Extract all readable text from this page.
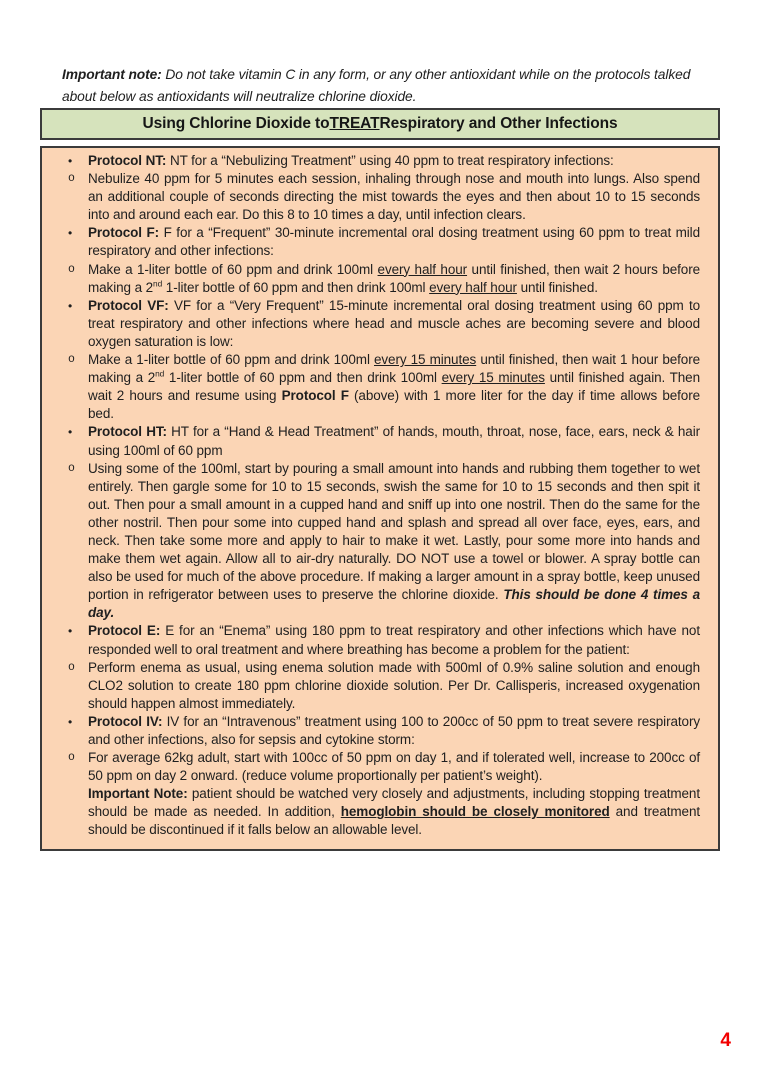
Important note: Do not take vitamin C in any form, or any other antioxidant while on the protocols talked about below as antioxidants will neutralize chlorine dioxide.

Using Chlorine Dioxide to TREAT Respiratory and Other Infections
• Protocol NT: NT for a “Nebulizing Treatment” using 40 ppm to treat respiratory infections:
o Nebulize 40 ppm for 5 minutes each session, inhaling through nose and mouth into lungs. Also spend an additional couple of seconds directing the mist towards the eyes and then about 10 to 15 seconds into and around each ear. Do this 8 to 10 times a day, until infection clears.
• Protocol F: F for a “Frequent” 30-minute incremental oral dosing treatment using 60 ppm to treat mild respiratory and other infections:
o Make a 1-liter bottle of 60 ppm and drink 100ml every half hour until finished, then wait 2 hours before making a 2nd 1-liter bottle of 60 ppm and then drink 100ml every half hour until finished.
• Protocol VF: VF for a “Very Frequent” 15-minute incremental oral dosing treatment using 60 ppm to treat respiratory and other infections where head and muscle aches are becoming severe and blood oxygen saturation is low:
o Make a 1-liter bottle of 60 ppm and drink 100ml every 15 minutes until finished, then wait 1 hour before making a 2nd 1-liter bottle of 60 ppm and then drink 100ml every 15 minutes until finished again. Then wait 2 hours and resume using Protocol F (above) with 1 more liter for the day if time allows before bed.
• Protocol HT: HT for a “Hand & Head Treatment” of hands, mouth, throat, nose, face, ears, neck & hair using 100ml of 60 ppm
o Using some of the 100ml, start by pouring a small amount into hands and rubbing them together to wet entirely. Then gargle some for 10 to 15 seconds, swish the same for 10 to 15 seconds and then spit it out. Then pour a small amount in a cupped hand and sniff up into one nostril. Then do the same for the other nostril. Then pour some into cupped hand and splash and spread all over face, eyes, ears, and neck. Then take some more and apply to hair to make it wet. Lastly, pour some more into hands and make them wet again. Allow all to air-dry naturally. DO NOT use a towel or blower. A spray bottle can also be used for much of the above procedure. If making a larger amount in a spray bottle, keep unused portion in refrigerator between uses to preserve the chlorine dioxide. This should be done 4 times a day.
• Protocol E: E for an “Enema” using 180 ppm to treat respiratory and other infections which have not responded well to oral treatment and where breathing has become a problem for the patient:
o Perform enema as usual, using enema solution made with 500ml of 0.9% saline solution and enough CLO2 solution to create 180 ppm chlorine dioxide solution. Per Dr. Callisperis, increased oxygenation should happen almost immediately.
• Protocol IV: IV for an “Intravenous” treatment using 100 to 200cc of 50 ppm to treat severe respiratory and other infections, also for sepsis and cytokine storm:
o For average 62kg adult, start with 100cc of 50 ppm on day 1, and if tolerated well, increase to 200cc of 50 ppm on day 2 onward. (reduce volume proportionally per patient’s weight).
Important Note: patient should be watched very closely and adjustments, including stopping treatment should be made as needed. In addition, hemoglobin should be closely monitored and treatment should be discontinued if it falls below an allowable level.
4
